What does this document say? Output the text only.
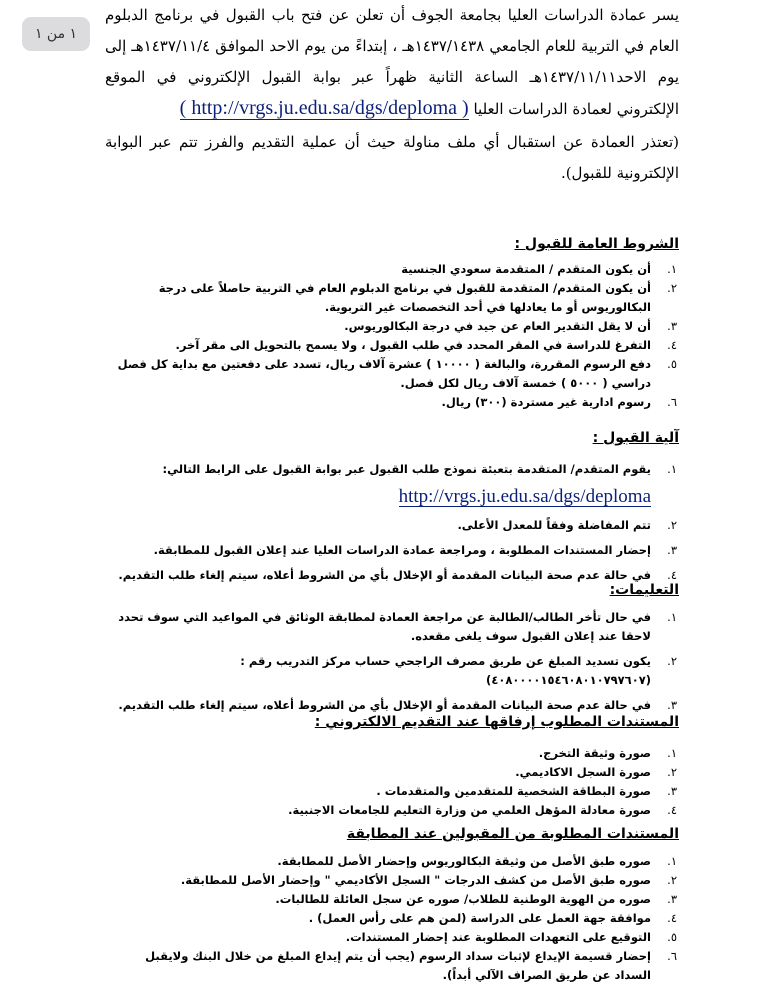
١ من ١
يسر عمادة الدراسات العليا بجامعة الجوف أن تعلن عن فتح باب القبول في برنامج الدبلوم العام في التربية للعام الجامعي ١٤٣٧/١٤٣٨هـ ، إبتداءً من يوم الاحد الموافق ١٤٣٧/١١/٤هـ إلى يوم الاحد١٤٣٧/١١/١١هـ الساعة الثانية ظهراً عبر بوابة القبول الإلكتروني في الموقع الإلكتروني لعمادة الدراسات العليا ( http://vrgs.ju.edu.sa/dgs/deploma )
(تعتذر العمادة عن استقبال أي ملف مناولة حيث أن عملية التقديم والفرز تتم عبر البوابة الإلكترونية للقبول).
الشروط العامة للقبول :
١.
أن يكون المتقدم / المتقدمة سعودي الجنسية
٢.
أن يكون المتقدم/ المتقدمة للقبول في برنامج الدبلوم العام في التربية حاصلاً على درجة البكالوريوس أو ما يعادلها في أحد التخصصات غير التربوية.
٣.
أن لا يقل التقدير العام عن جيد في درجة البكالوريوس.
٤.
التفرغ للدراسة في المقر المحدد في طلب القبول ، ولا يسمح بالتحويل الى مقر آخر.
٥.
دفع الرسوم المقررة، والبالغة ( ١٠٠٠٠ ) عشرة آلاف ريال، تسدد على دفعتين مع بداية كل فصل دراسي ( ٥٠٠٠ ) خمسة آلاف ريال لكل فصل.
٦.
رسوم ادارية غير مستردة (٣٠٠) ريال.
آلية القبول :
١.
يقوم المتقدم/ المتقدمة بتعبئة نموذج طلب القبول عبر بوابة القبول على الرابط التالي:
http://vrgs.ju.edu.sa/dgs/deploma
٢.
تتم المفاضلة وفقاً للمعدل الأعلى.
٣.
إحضار المستندات المطلوبة ، ومراجعة عمادة الدراسات العليا عند إعلان القبول للمطابقة.
٤.
في حالة عدم صحة البيانات المقدمة أو الإخلال بأي من الشروط أعلاه، سيتم إلغاء طلب التقديم.
التعليمات:
١.
في حال تأخر الطالب/الطالبة عن مراجعة العمادة لمطابقة الوثائق في المواعيد التي سوف تحدد لاحقا عند إعلان القبول سوف يلغى مقعده.
٢.
يكون تسديد المبلغ عن طريق مصرف الراجحي حساب مركز التدريب رقم : (٤٠٨٠٠٠٠١٥٤٦٠٨٠١٠٧٩٧٦٠٧)
٣.
في حالة عدم صحة البيانات المقدمة أو الإخلال بأي من الشروط أعلاه، سيتم إلغاء طلب التقديم.
المستندات المطلوب إرفاقها عند التقديم الالكتروني :
١.
صورة وثيقة التخرج.
٢.
صورة السجل الاكاديمي.
٣.
صورة البطاقة الشخصية للمتقدمين والمتقدمات .
٤.
صورة معادلة المؤهل العلمي من وزارة التعليم للجامعات الاجنبية.
المستندات المطلوبة من المقبولين عند المطابقة
١.
صوره طبق الأصل من وثيقة البكالوريوس وإحضار الأصل للمطابقة.
٢.
صوره طبق الأصل من كشف الدرجات " السجل الأكاديمي " وإحضار الأصل للمطابقة.
٣.
صوره من الهوية الوطنية للطلاب/ صوره عن سجل العائلة للطالبات.
٤.
موافقة جهة العمل على الدراسة (لمن هم على رأس العمل) .
٥.
التوقيع على التعهدات المطلوبة عند إحضار المستندات.
٦.
إحضار قسيمة الإيداع لإثبات سداد الرسوم (يجب أن يتم إيداع المبلغ من خلال البنك ولايقبل السداد عن طريق الصراف الآلي أبداً).
